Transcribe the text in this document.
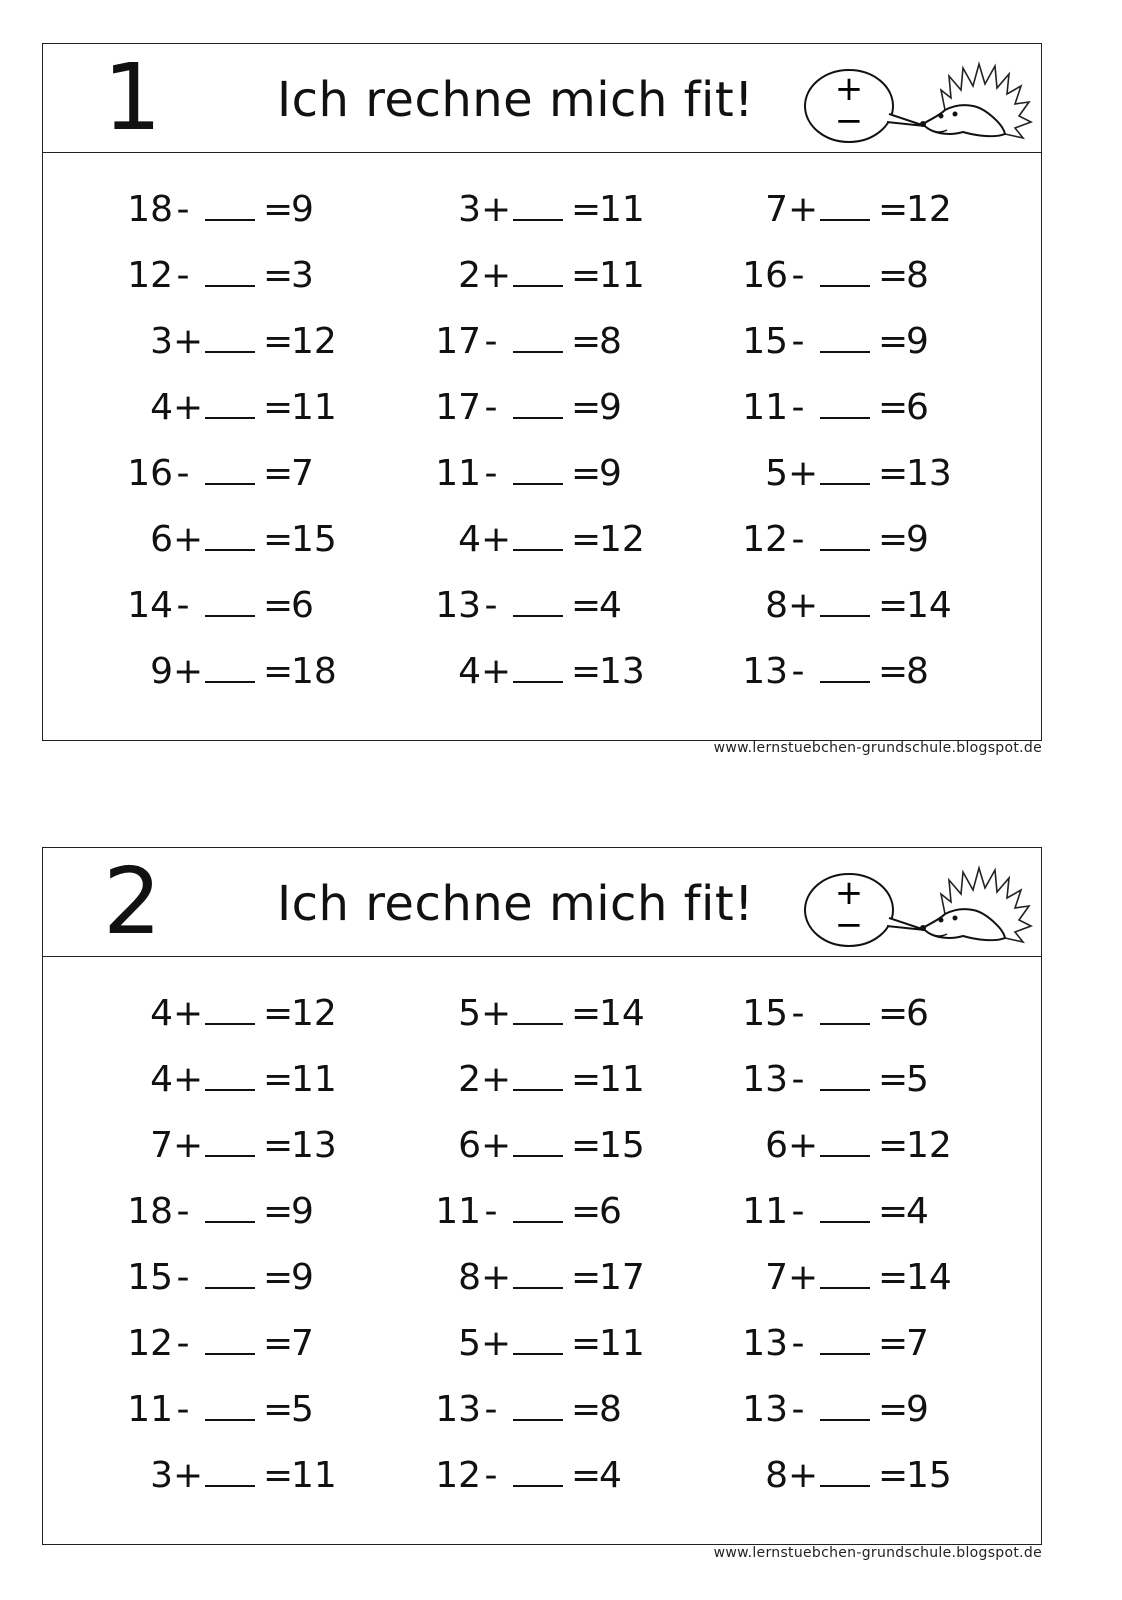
1 Ich rechne mich fit! +
−
18 - =
9
12 - =
3
3 + =
12
4 + =
11
16 - =
7
6 + =
15
14 - =
6
9 + =
18
3 + =
11
2 + =
11
17 - =
8
17 - =
9
11 - =
9
4 + =
12
13 - =
4
4 + =
13
7 + =
12
16 - =
8
15 - =
9
11 - =
6
5 + =
13
12 - =
9
8 + =
14
13 - =
8
www.lernstuebchen-grundschule.blogspot.de
2 Ich rechne mich fit! +
−
4 + =
12
4 + =
11
7 + =
13
18 - =
9
15 - =
9
12 - =
7
11 - =
5
3 + =
11
5 + =
14
2 + =
11
6 + =
15
11 - =
6
8 + =
17
5 + =
11
13 - =
8
12 - =
4
15 - =
6
13 - =
5
6 + =
12
11 - =
4
7 + =
14
13 - =
7
13 - =
9
8 + =
15
www.lernstuebchen-grundschule.blogspot.de
